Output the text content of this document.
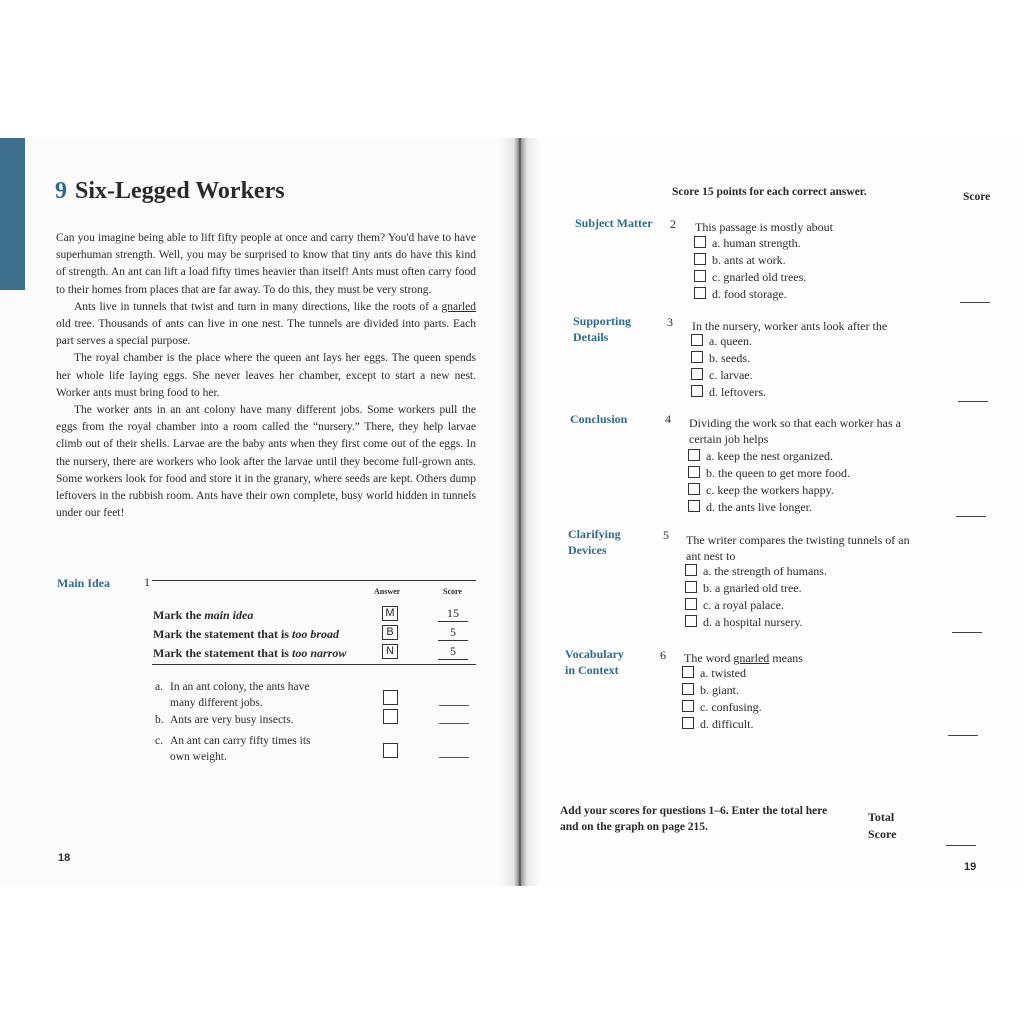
9 Six-Legged Workers

Can you imagine being able to lift fifty people at once and carry them? You'd have to have superhuman strength. Well, you may be surprised to know that tiny ants do have this kind of strength. An ant can lift a load fifty times heavier than itself! Ants must often carry food to their homes from places that are far away. To do this, they must be very strong.

Ants live in tunnels that twist and turn in many directions, like the roots of a gnarled old tree. Thousands of ants can live in one nest. The tunnels are divided into parts. Each part serves a special purpose.

The royal chamber is the place where the queen ant lays her eggs. The queen spends her whole life laying eggs. She never leaves her chamber, except to start a new nest. Worker ants must bring food to her.

The worker ants in an ant colony have many different jobs. Some workers pull the eggs from the royal chamber into a room called the “nursery.” There, they help larvae climb out of their shells. Larvae are the baby ants when they first come out of the eggs. In the nursery, there are workers who look after the larvae until they become full-grown ants. Some workers look for food and store it in the granary, where seeds are kept. Others dump leftovers in the rubbish room. Ants have their own complete, busy world hidden in tunnels under our feet!

Main Idea	1
Answer	Score
Mark the main idea	M	15
Mark the statement that is too broad	B	5
Mark the statement that is too narrow	N	5
a. In an ant colony, the ants have
many different jobs.
b. Ants are very busy insects.
c. An ant can carry fifty times its
own weight.
18
Score 15 points for each correct answer.	Score
Subject Matter 2 This passage is mostly about
a. human strength.
b. ants at work.
c. gnarled old trees.
d. food storage.
Supporting
Details
3 In the nursery, worker ants look after the
a. queen.
b. seeds.
c. larvae.
d. leftovers.
Conclusion	4 Dividing the work so that each worker has a
certain job helps
a. keep the nest organized.
b. the queen to get more food.
c. keep the workers happy.
d. the ants live longer.
Clarifying
Devices
5 The writer compares the twisting tunnels of an
ant nest to
a. the strength of humans.
b. a gnarled old tree.
c. a royal palace.
d. a hospital nursery.
Vocabulary
in Context
6 The word gnarled means
a. twisted
b. giant.
c. confusing.
d. difficult.
Add your scores for questions 1–6. Enter the total here
and on the graph on page 215.
Total
Score
19
